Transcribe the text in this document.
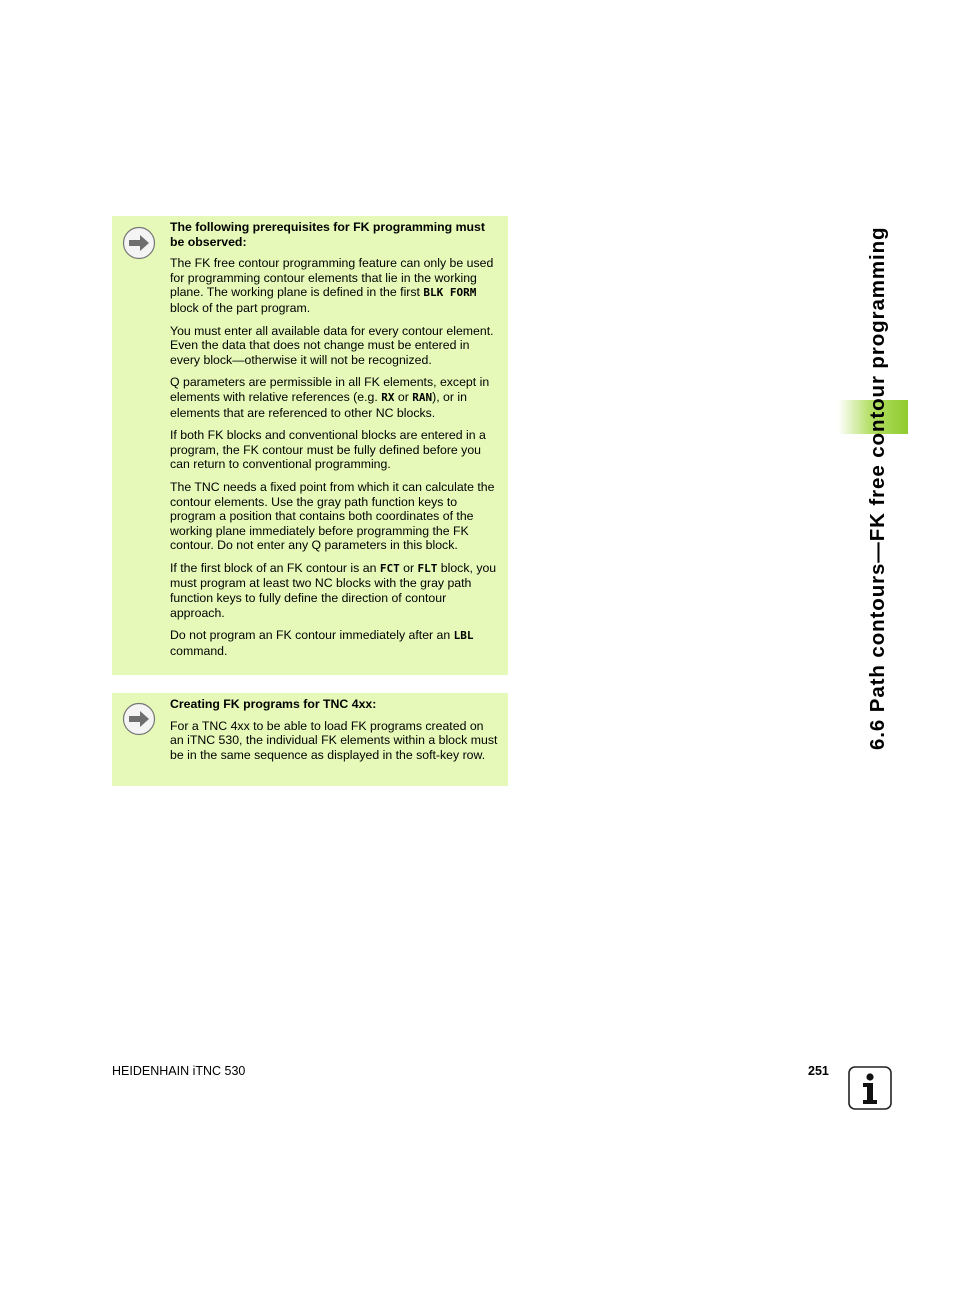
The following prerequisites for FK programming must be observed:

The FK free contour programming feature can only be used for programming contour elements that lie in the working plane. The working plane is defined in the first BLK FORM block of the part program.

You must enter all available data for every contour element. Even the data that does not change must be entered in every block—otherwise it will not be recognized.

Q parameters are permissible in all FK elements, except in elements with relative references (e.g. RX or RAN), or in elements that are referenced to other NC blocks.

If both FK blocks and conventional blocks are entered in a program, the FK contour must be fully defined before you can return to conventional programming.

The TNC needs a fixed point from which it can calculate the contour elements. Use the gray path function keys to program a position that contains both coordinates of the working plane immediately before programming the FK contour. Do not enter any Q parameters in this block.

If the first block of an FK contour is an FCT or FLT block, you must program at least two NC blocks with the gray path function keys to fully define the direction of contour approach.

Do not program an FK contour immediately after an LBL command.

Creating FK programs for TNC 4xx:

For a TNC 4xx to be able to load FK programs created on an iTNC 530, the individual FK elements within a block must be in the same sequence as displayed in the soft-key row.

6.6 Path contours—FK free contour programming
HEIDENHAIN iTNC 530	251
